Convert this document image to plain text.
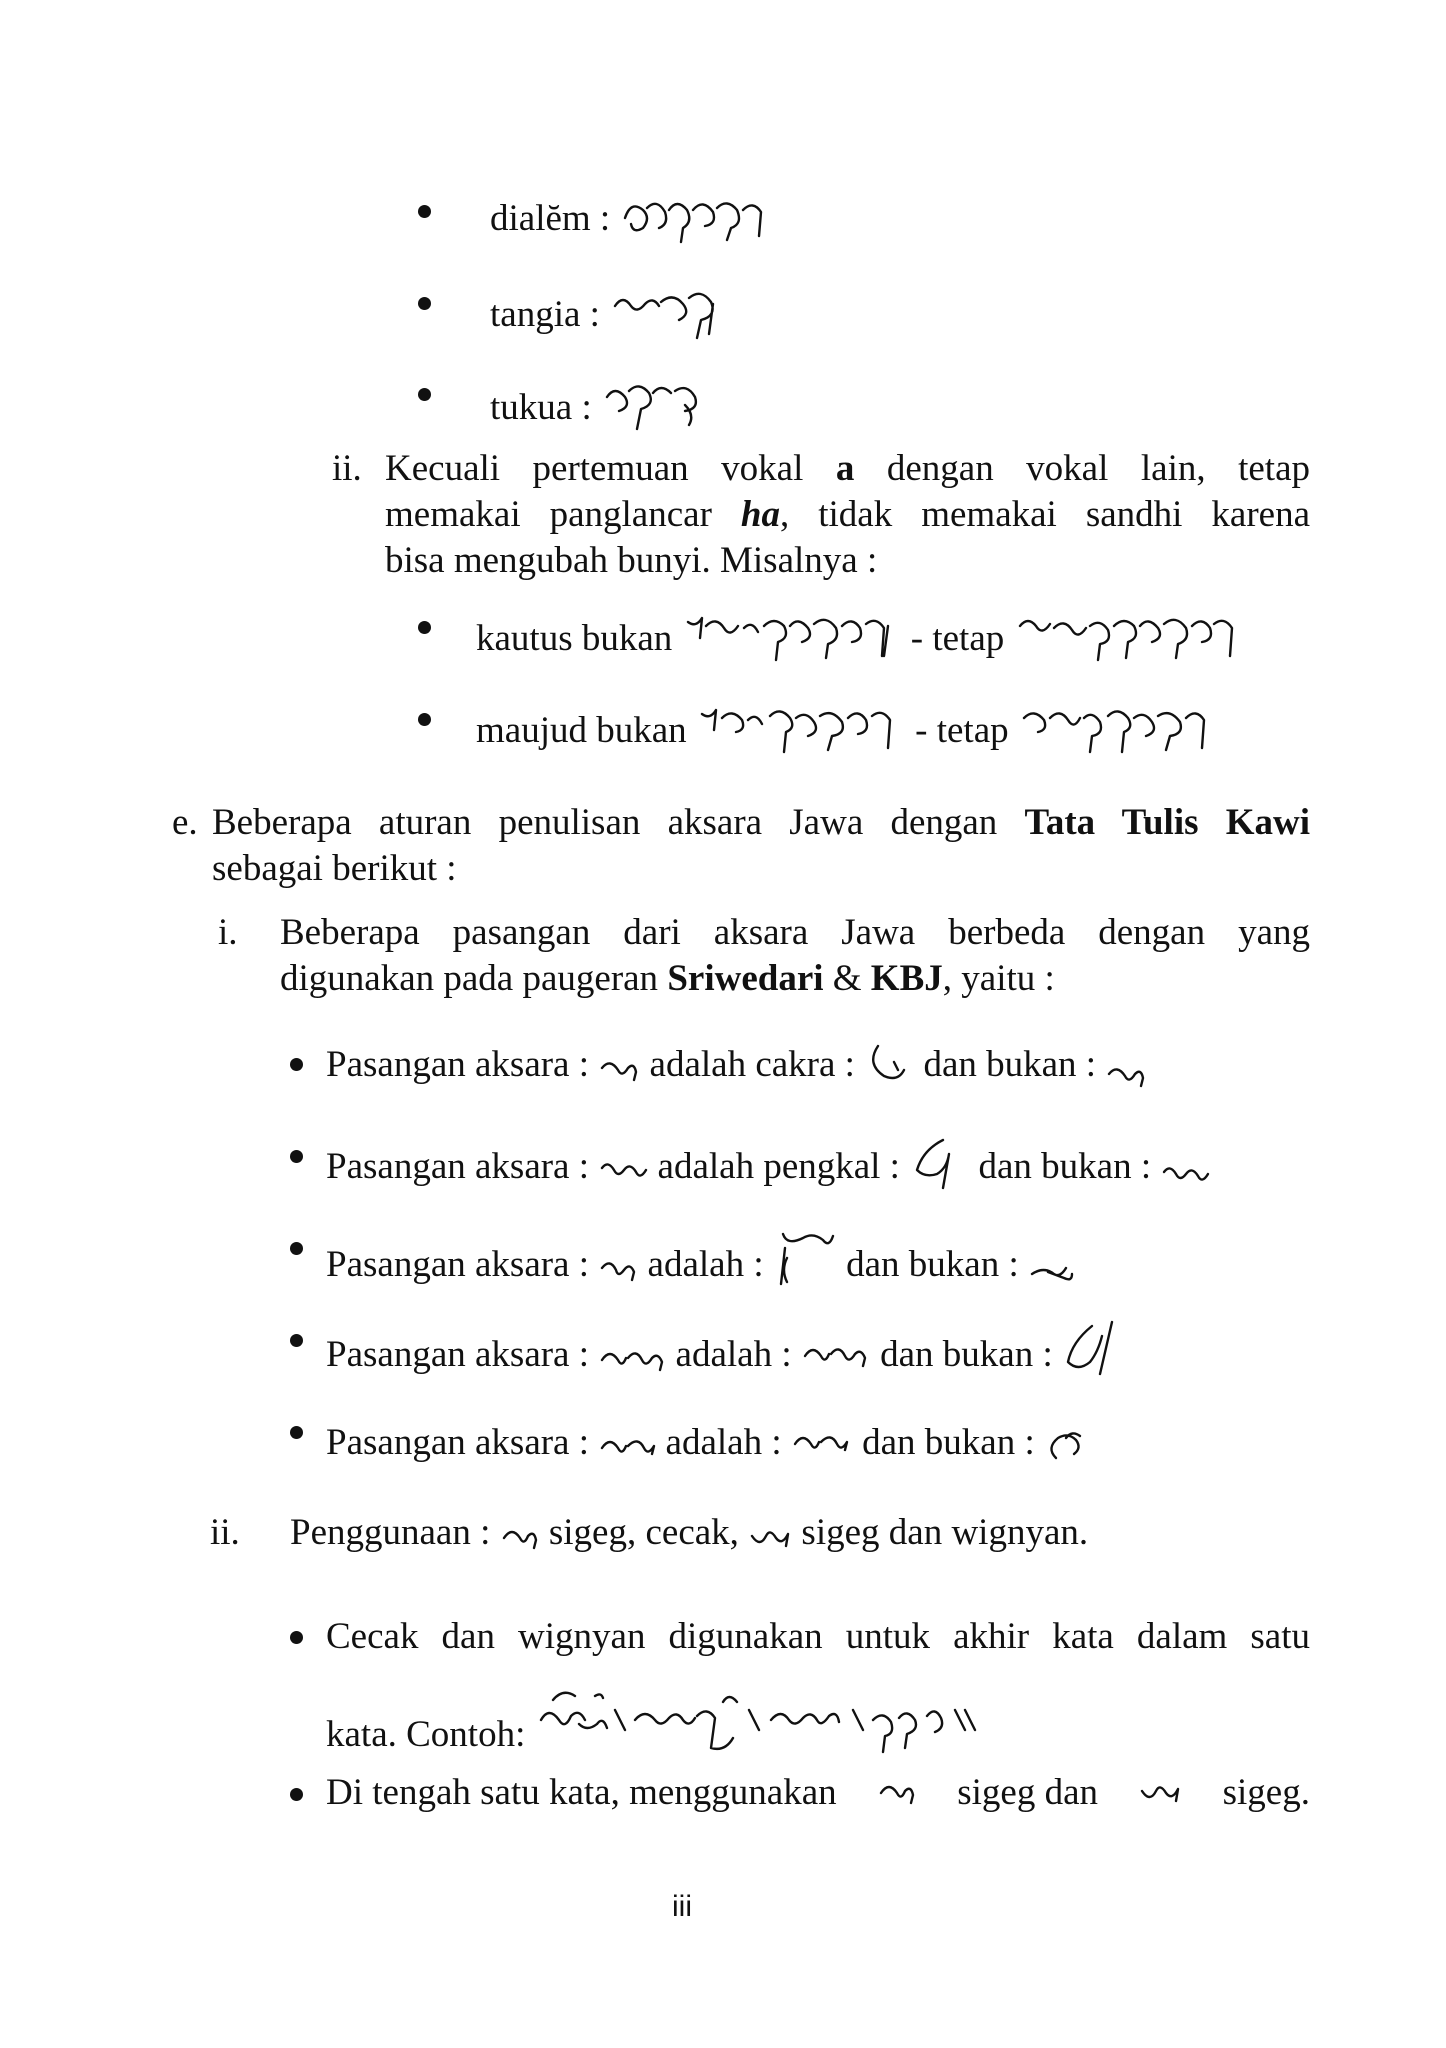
dialĕm :
tangia :
tukua :
ii. Kecuali pertemuan vokal a dengan vokal lain, tetap
memakai panglancar ha, tidak memakai sandhi karena
bisa mengubah bunyi. Misalnya :
kautus bukan	- tetap
maujud bukan	- tetap
e. Beberapa aturan penulisan aksara Jawa dengan Tata Tulis Kawi
sebagai berikut :
i. Beberapa pasangan dari aksara Jawa berbeda dengan yang
digunakan pada paugeran Sriwedari & KBJ, yaitu :
Pasangan aksara : adalah cakra : dan bukan :
Pasangan aksara : adalah pengkal : dan bukan :
Pasangan aksara : adalah : dan bukan :
Pasangan aksara : adalah : dan bukan :
Pasangan aksara : adalah : dan bukan :
ii. Penggunaan : sigeg, cecak, sigeg dan wignyan.
Cecak dan wignyan digunakan untuk akhir kata dalam satu
kata. Contoh:
Di tengah satu kata, menggunakan	sigeg dan	sigeg.
iii
